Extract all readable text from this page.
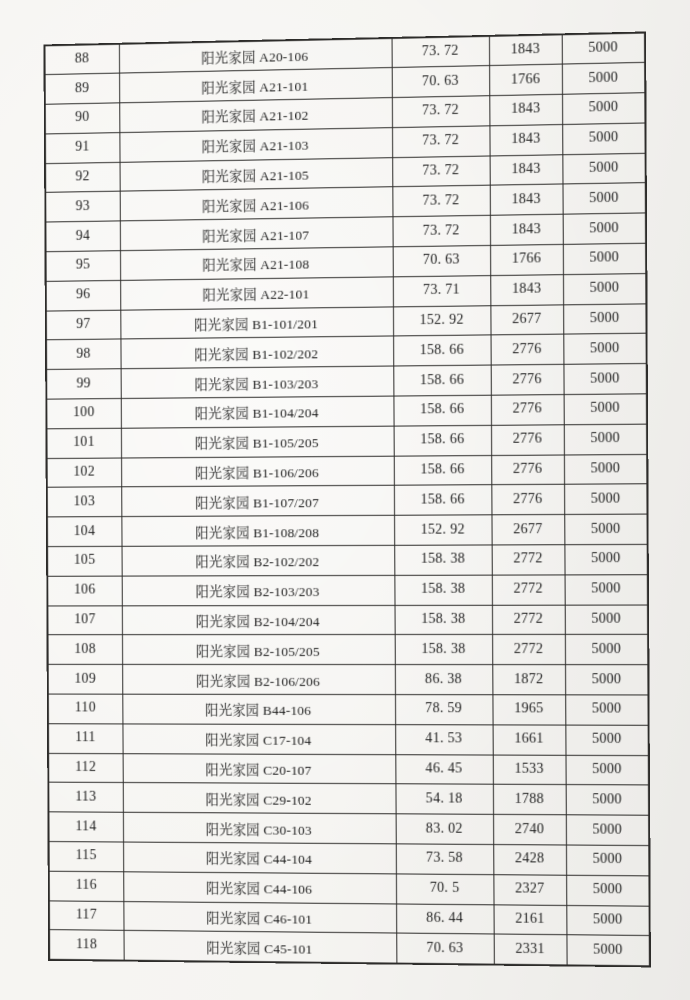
88	阳光家园 A20-106	73. 72	1843	5000
89	阳光家园 A21-101	70. 63	1766	5000
90	阳光家园 A21-102	73. 72	1843	5000
91	阳光家园 A21-103	73. 72	1843	5000
92	阳光家园 A21-105	73. 72	1843	5000
93	阳光家园 A21-106	73. 72	1843	5000
94	阳光家园 A21-107	73. 72	1843	5000
95	阳光家园 A21-108	70. 63	1766	5000
96	阳光家园 A22-101	73. 71	1843	5000
97	阳光家园 B1-101/201	152. 92	2677	5000
98	阳光家园 B1-102/202	158. 66	2776	5000
99	阳光家园 B1-103/203	158. 66	2776	5000
100	阳光家园 B1-104/204	158. 66	2776	5000
101	阳光家园 B1-105/205	158. 66	2776	5000
102	阳光家园 B1-106/206	158. 66	2776	5000
103	阳光家园 B1-107/207	158. 66	2776	5000
104	阳光家园 B1-108/208	152. 92	2677	5000
105	阳光家园 B2-102/202	158. 38	2772	5000
106	阳光家园 B2-103/203	158. 38	2772	5000
107	阳光家园 B2-104/204	158. 38	2772	5000
108	阳光家园 B2-105/205	158. 38	2772	5000
109	阳光家园 B2-106/206	86. 38	1872	5000
110	阳光家园 B44-106	78. 59	1965	5000
111	阳光家园 C17-104	41. 53	1661	5000
112	阳光家园 C20-107	46. 45	1533	5000
113	阳光家园 C29-102	54. 18	1788	5000
114	阳光家园 C30-103	83. 02	2740	5000
115	阳光家园 C44-104	73. 58	2428	5000
116	阳光家园 C44-106	70. 5	2327	5000
117	阳光家园 C46-101	86. 44	2161	5000
118	阳光家园 C45-101	70. 63	2331	5000
